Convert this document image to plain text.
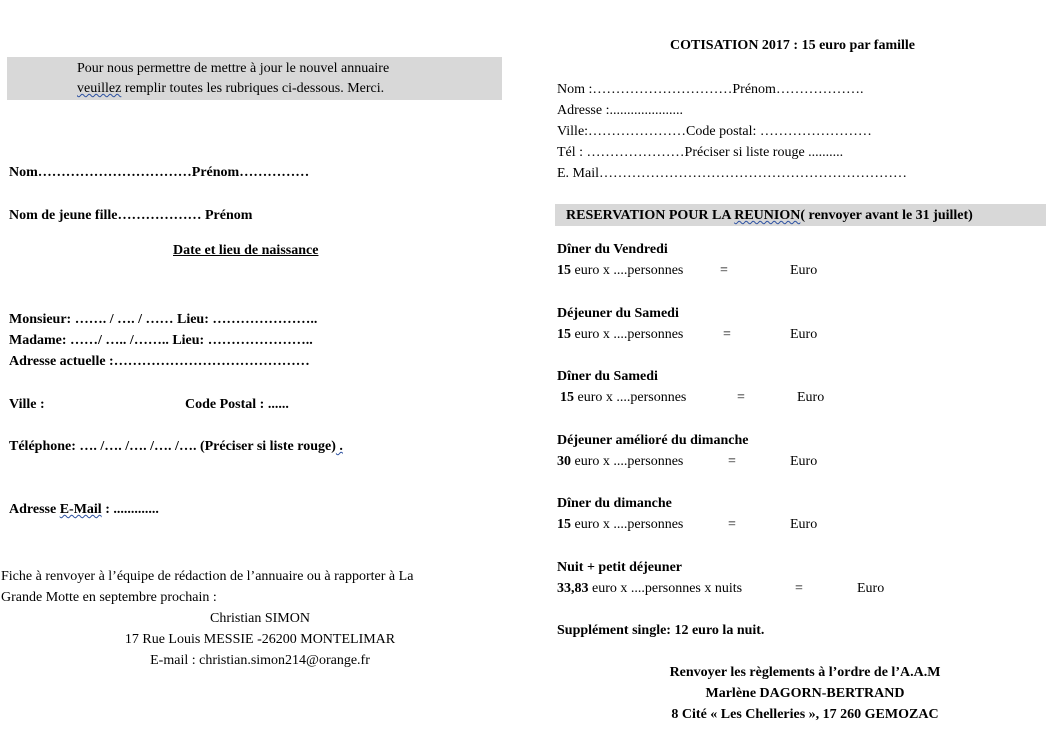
Pour nous permettre de mettre à jour le nouvel annuaire
veuillez remplir toutes les rubriques ci-dessous. Merci.
Nom……………………………Prénom……………
Nom de jeune fille……………… Prénom
Date et lieu de naissance
Monsieur: ……. / …. / …… Lieu: …………………..
Madame: ……/ ….. /…….. Lieu: …………………..
Adresse actuelle :……………………………………
Ville :	Code Postal : ......
Téléphone: …. /…. /…. /…. /…. (Préciser si liste rouge) .
Adresse E-Mail : .............
Fiche à renvoyer à l’équipe de rédaction de l’annuaire ou à rapporter à La
Grande Motte en septembre prochain :
Christian SIMON
17 Rue Louis MESSIE -26200 MONTELIMAR
E-mail : christian.simon214@orange.fr
COTISATION 2017 : 15 euro par famille
Nom :…………………………Prénom……………….
Adresse :.....................
Ville:…………………Code postal: ……………………
Tél : …………………Préciser si liste rouge ..........
E. Mail…………………………………………………………
RESERVATION POUR LA REUNION( renvoyer avant le 31 juillet)
Dîner du Vendredi
15 euro x ....personnes	=	Euro
Déjeuner du Samedi
15 euro x ....personnes	=	Euro
Dîner du Samedi
15 euro x ....personnes	=	Euro
Déjeuner amélioré du dimanche
30 euro x ....personnes	=	Euro
Dîner du dimanche
15 euro x ....personnes	=	Euro
Nuit + petit déjeuner
33,83 euro x ....personnes x nuits	=	Euro
Supplément single: 12 euro la nuit.
Renvoyer les règlements à l’ordre de l’A.A.M
Marlène DAGORN-BERTRAND
8 Cité « Les Chelleries », 17 260 GEMOZAC
